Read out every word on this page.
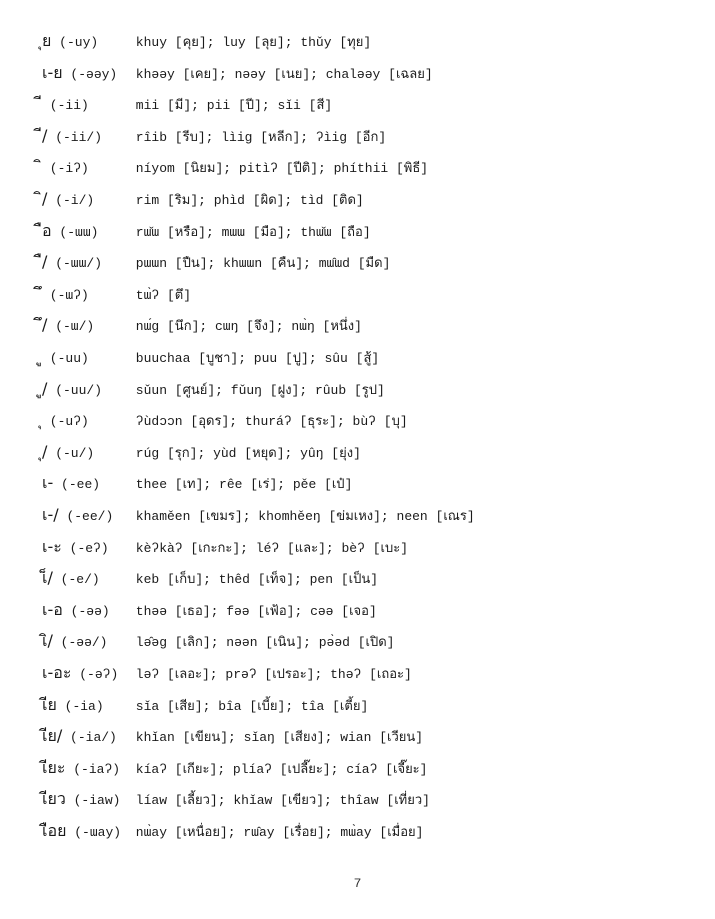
ุย (-uy) khuy [คุย]; luy [ลุย]; thǔy [ทุย]
เ-ย (-əəy) khəəy [เคย]; nəəy [เนย]; chaləəy [เฉลย]
(-ii)	mii [มี]; pii [ปี]; sǐi [สี]
ี/ (-ii/) rîib [รีบ]; lìig [หลีก]; ʔìig [อีก]
(-iʔ)	níyom [นิยม]; pitìʔ [ปีติ]; phíthii [พิธี]
ิ/ (-i/)	rim [ริม]; phìd [ผิด]; tìd [ติด]
ือ (-ɯɯ) rɯ̌ɯ [หรือ]; mɯɯ [มือ]; thɯ̌ɯ [ถือ]
ื/ (-ɯɯ/) pɯɯn [ปืน]; khɯɯn [คืน]; mɯ̂ɯd [มืด]
(-ɯʔ)	tɯ̀ʔ [ตึ]
ึ/ (-ɯ/)	nɯ́g [นึก]; cɯŋ [จึง]; nɯ̀ŋ [หนึ่ง]
(-uu)	buuchaa [บูชา]; puu [ปู]; sûu [สู้]
ู/ (-uu/) sǔun [ศูนย์]; fǔuŋ [ฝูง]; rûub [รูป]
(-uʔ)	ʔùdɔɔn [อุดร]; thuráʔ [ธุระ]; bùʔ [บุ]
ุ/ (-u/)	rúg [รุก]; yùd [หยุด]; yûŋ [ยุ่ง]
เ- (-ee) thee [เท]; rêe [เร่]; pěe [เป๋]
เ-/ (-ee/) khaměen [เขมร]; khomhěeŋ [ข่มเหง]; neen [เณร]
เ-ะ (-eʔ) kèʔkàʔ [เกะกะ]; léʔ [และ]; bèʔ [เบะ]
เ็/ (-e/) keb [เก็บ]; thêd [เท็จ]; pen [เป็น]
เ-อ (-əə) thəə [เธอ]; fəə [เฟ้อ]; cəə [เจอ]
เิ/ (-əə/) lə̂əg [เลิก]; nəən [เนิน]; pə̀əd [เปิด]
เ-อะ (-əʔ) ləʔ [เลอะ]; prəʔ [เปรอะ]; thəʔ [เถอะ]
เีย (-ia) sǐa [เสีย]; bîa [เบี้ย]; tîa [เตี้ย]
เีย/ (-ia/) khǐan [เขียน]; sǐaŋ [เสียง]; wian [เวียน]
เียะ (-iaʔ) kíaʔ [เกียะ]; plíaʔ [เปลี๊ยะ]; cíaʔ [เจี๊ยะ]
เียว (-iaw) líaw [เลี้ยว]; khǐaw [เขียว]; thîaw [เที่ยว]
เือย (-ɯay) nɯ̀ay [เหนื่อย]; rɯ̂ay [เรื่อย]; mɯ̀ay [เมื่อย]
7
